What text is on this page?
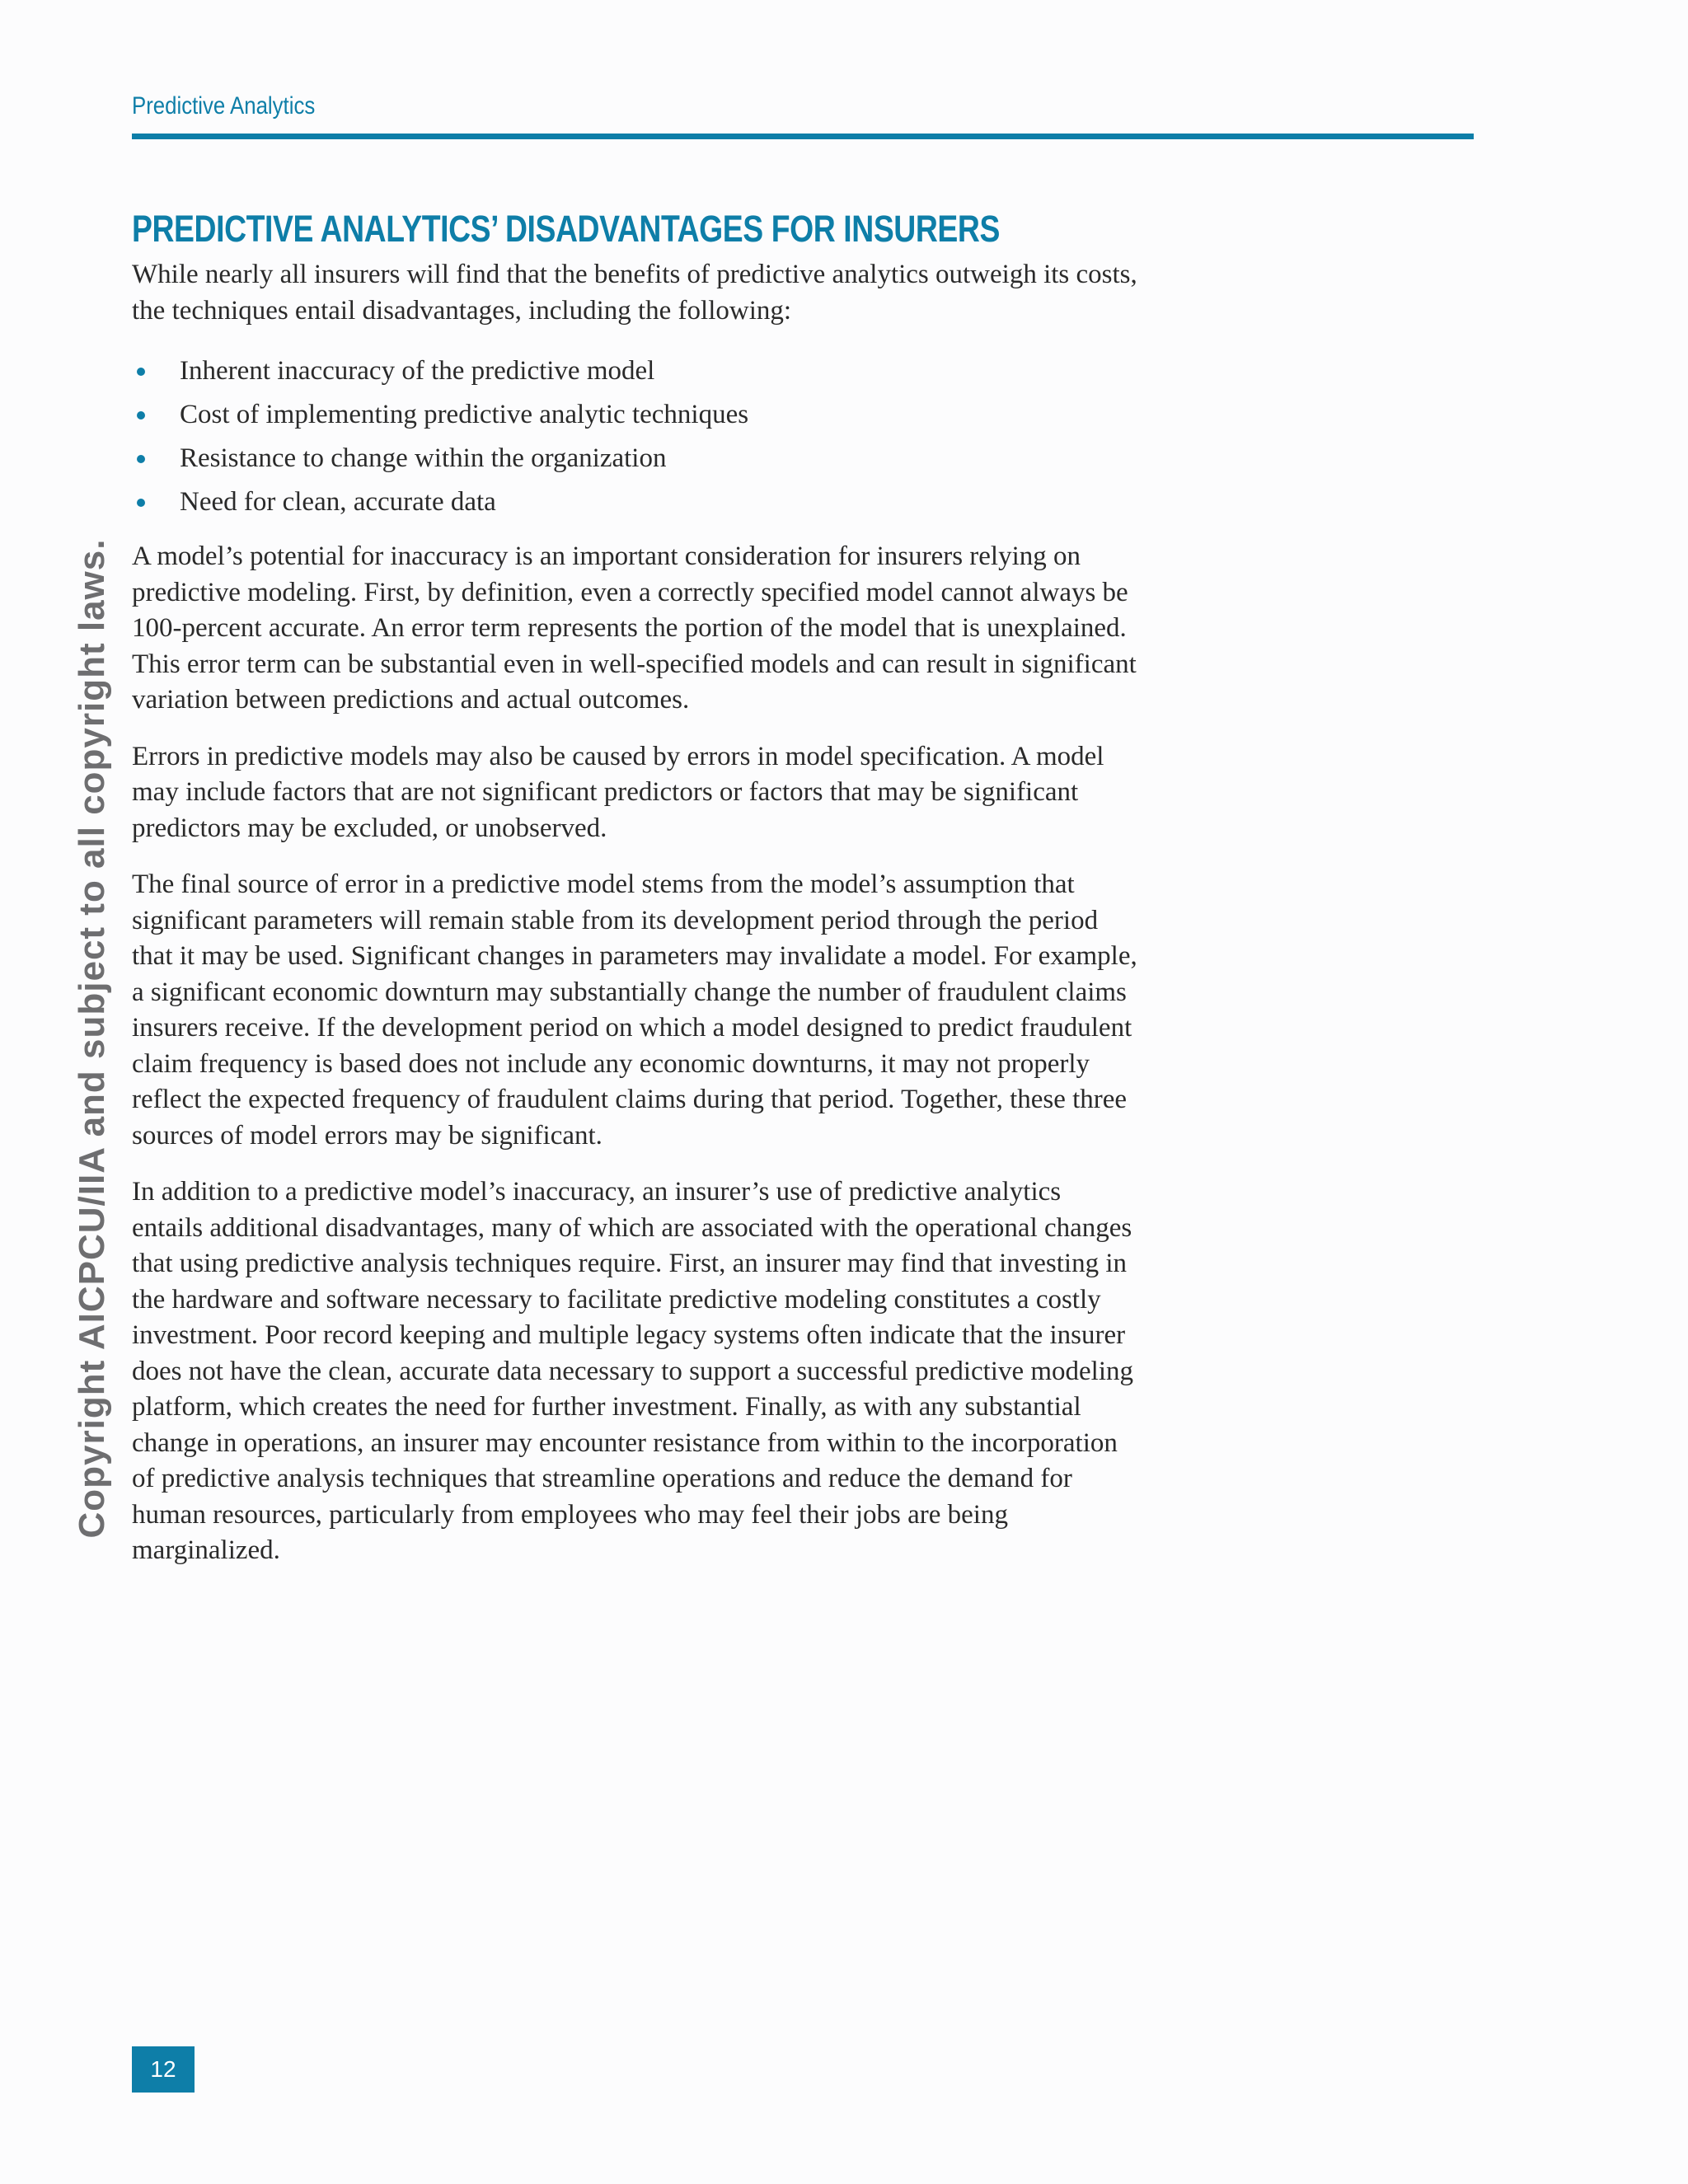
Predictive Analytics
Copyright AICPCU/IIA and subject to all copyright laws.
PREDICTIVE ANALYTICS’ DISADVANTAGES FOR INSURERS

While nearly all insurers will find that the benefits of predictive analytics outweigh its costs, the techniques entail disadvantages, including the following:

Inherent inaccuracy of the predictive model
Cost of implementing predictive analytic techniques
Resistance to change within the organization
Need for clean, accurate data

A model’s potential for inaccuracy is an important consideration for insurers relying on predictive modeling. First, by definition, even a correctly specified model cannot always be 100-percent accurate. An error term represents the portion of the model that is unexplained. This error term can be substantial even in well-specified models and can result in significant variation between predictions and actual outcomes.

Errors in predictive models may also be caused by errors in model specification. A model may include factors that are not significant predictors or factors that may be significant predictors may be excluded, or unobserved.

The final source of error in a predictive model stems from the model’s assumption that significant parameters will remain stable from its development period through the period that it may be used. Significant changes in parameters may invalidate a model. For example, a significant economic downturn may substantially change the number of fraudulent claims insurers receive. If the development period on which a model designed to predict fraudulent claim frequency is based does not include any economic downturns, it may not properly reflect the expected frequency of fraudulent claims during that period. Together, these three sources of model errors may be significant.

In addition to a predictive model’s inaccuracy, an insurer’s use of predictive analytics entails additional disadvantages, many of which are associated with the operational changes that using predictive analysis techniques require. First, an insurer may find that investing in the hardware and software necessary to facilitate predictive modeling constitutes a costly investment. Poor record keeping and multiple legacy systems often indicate that the insurer does not have the clean, accurate data necessary to support a successful predictive modeling platform, which creates the need for further investment. Finally, as with any substantial change in operations, an insurer may encounter resistance from within to the incorporation of predictive analysis techniques that streamline operations and reduce the demand for human resources, particularly from employees who may feel their jobs are being marginalized.

12
